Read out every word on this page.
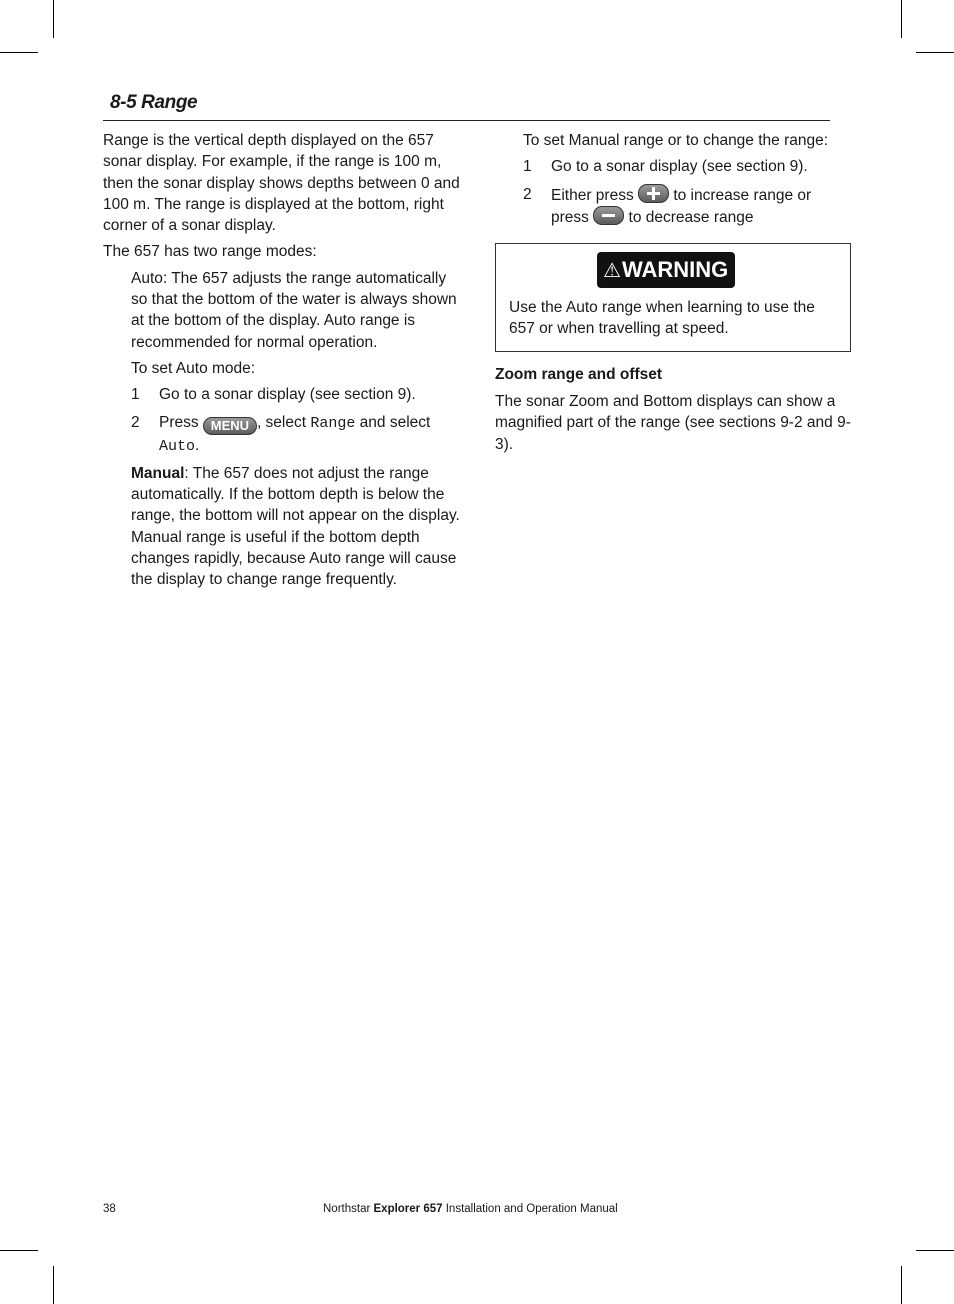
8-5 Range

Range is the vertical depth displayed on the 657 sonar display. For example, if the range is 100 m, then the sonar display shows depths between 0 and 100 m. The range is displayed at the bottom, right corner of a sonar display.

The 657 has two range modes:

Auto: The 657 adjusts the range automatically so that the bottom of the water is always shown at the bottom of the display. Auto range is recommended for normal operation.

To set Auto mode:

1	Go to a sonar display (see section 9).
2	Press MENU , select Range and select Auto.

Manual: The 657 does not adjust the range automatically. If the bottom depth is below the range, the bottom will not appear on the display. Manual range is useful if the bottom depth changes rapidly, because Auto range will cause the display to change range frequently.

To set Manual range or to change the range:

1	Go to a sonar display (see section 9).
2	Either press  to increase range or press  to decrease range
⚠WARNING

Use the Auto range when learning to use the 657 or when travelling at speed.

Zoom range and offset

The sonar Zoom and Bottom displays can show a magnified part of the range (see sections 9-2 and 9-3).

38	Northstar Explorer 657 Installation and Operation Manual
